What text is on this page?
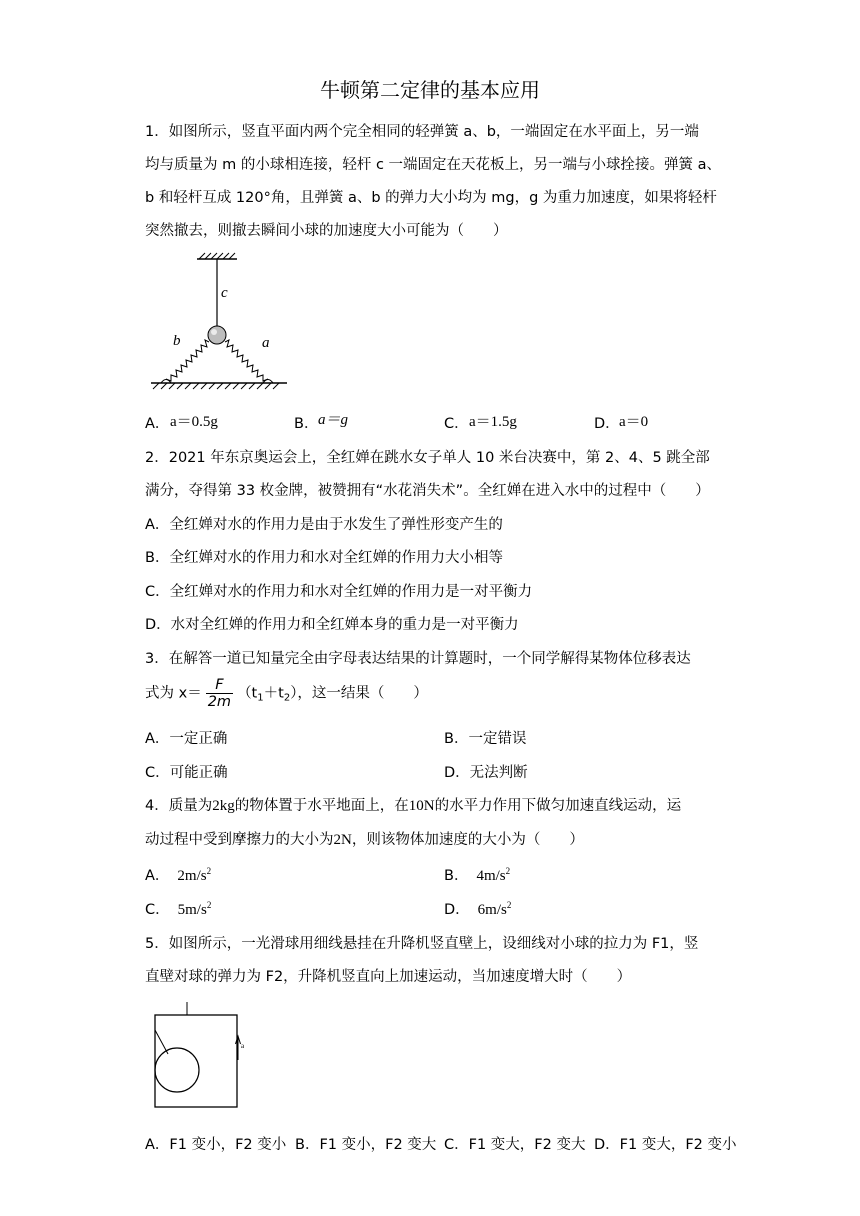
牛顿第二定律的基本应用
1．如图所示，竖直平面内两个完全相同的轻弹簧 a、b，一端固定在水平面上，另一端
均与质量为 m 的小球相连接，轻杆 c 一端固定在天花板上，另一端与小球拴接。弹簧 a、
b 和轻杆互成 120°角，且弹簧 a、b 的弹力大小均为 mg，g 为重力加速度，如果将轻杆
突然撤去，则撤去瞬间小球的加速度大小可能为（　　）
c
b	a
A． a＝0.5g	B． a＝g	C． a＝1.5g	D． a＝0
2．2021 年东京奥运会上，全红婵在跳水女子单人 10 米台决赛中，第 2、4、5 跳全部
满分，夺得第 33 枚金牌，被赞拥有“水花消失术”。全红婵在进入水中的过程中（　　）
A．全红婵对水的作用力是由于水发生了弹性形变产生的
B．全红婵对水的作用力和水对全红婵的作用力大小相等
C．全红婵对水的作用力和水对全红婵的作用力是一对平衡力
D．水对全红婵的作用力和全红婵本身的重力是一对平衡力
3．在解答一道已知量完全由字母表达结果的计算题时，一个同学解得某物体位移表达
式为 $x= \frac{F}{2m} (t_1+t_2)$，这一结果（　　）
A．一定正确	B．一定错误
C．可能正确	D．无法判断
4．质量为2kg的物体置于水平地面上，在10N的水平力作用下做匀加速直线运动，运
动过程中受到摩擦力的大小为2N，则该物体加速度的大小为（　　）
A． $2m/s^2$	B． $4m/s^2$
C． $5m/s^2$	D． $6m/s^2$
5．如图所示，一光滑球用细线悬挂在升降机竖直壁上，设细线对小球的拉力为 F1，竖
直壁对球的弹力为 F2，升降机竖直向上加速运动，当加速度增大时（　　）
a
A．F1 变小，F2 变小 B．F1 变小，F2 变大 C．F1 变大，F2 变大 D．F1 变大，F2 变小
